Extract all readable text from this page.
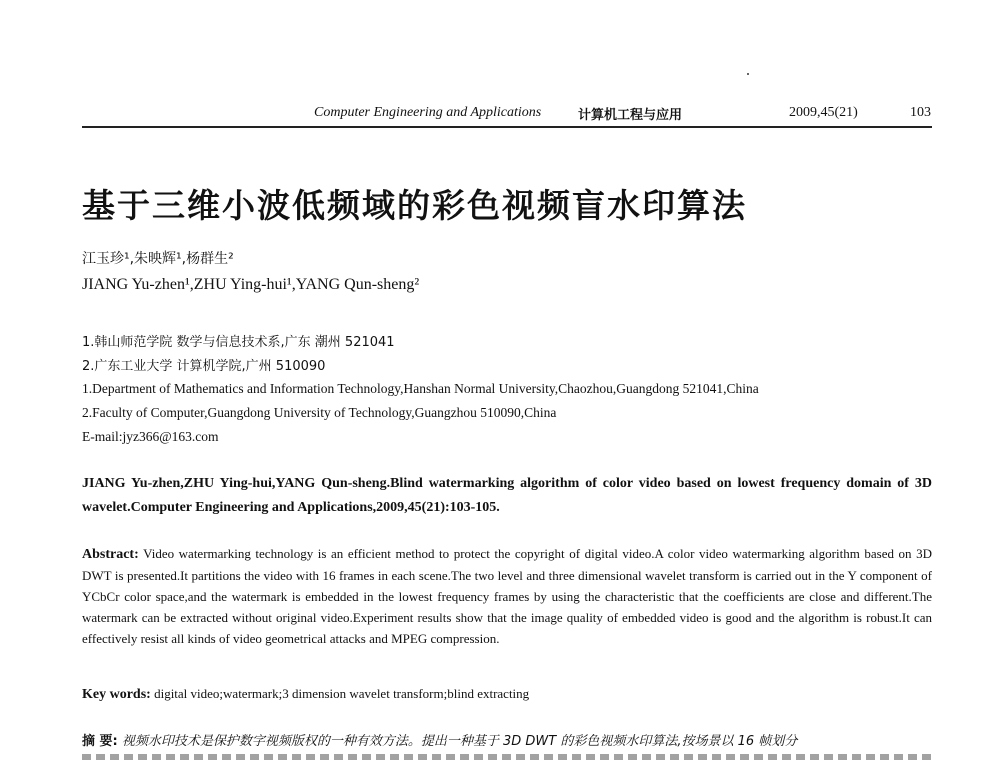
Computer Engineering and Applications	计算机工程与应用	2009,45(21)	103
基于三维小波低频域的彩色视频盲水印算法
江玉珍¹,朱映辉¹,杨群生²
JIANG Yu-zhen¹,ZHU Ying-hui¹,YANG Qun-sheng²
1.韩山师范学院 数学与信息技术系,广东 潮州 521041
2.广东工业大学 计算机学院,广州 510090
1.Department of Mathematics and Information Technology,Hanshan Normal University,Chaozhou,Guangdong 521041,China
2.Faculty of Computer,Guangdong University of Technology,Guangzhou 510090,China
E-mail:jyz366@163.com
JIANG Yu-zhen,ZHU Ying-hui,YANG Qun-sheng.Blind watermarking algorithm of color video based on lowest frequency domain of 3D wavelet.Computer Engineering and Applications,2009,45(21):103-105.
Abstract: Video watermarking technology is an efficient method to protect the copyright of digital video.A color video watermarking algorithm based on 3D DWT is presented.It partitions the video with 16 frames in each scene.The two level and three dimensional wavelet transform is carried out in the Y component of YCbCr color space,and the watermark is embedded in the lowest frequency frames by using the characteristic that the coefficients are close and different.The watermark can be extracted without original video.Experiment results show that the image quality of embedded video is good and the algorithm is robust.It can effectively resist all kinds of video geometrical attacks and MPEG compression.
Key words: digital video;watermark;3 dimension wavelet transform;blind extracting
摘 要: 视频水印技术是保护数字视频版权的一种有效方法。提出一种基于 3D DWT 的彩色视频水印算法,按场景以 16 帧划分
